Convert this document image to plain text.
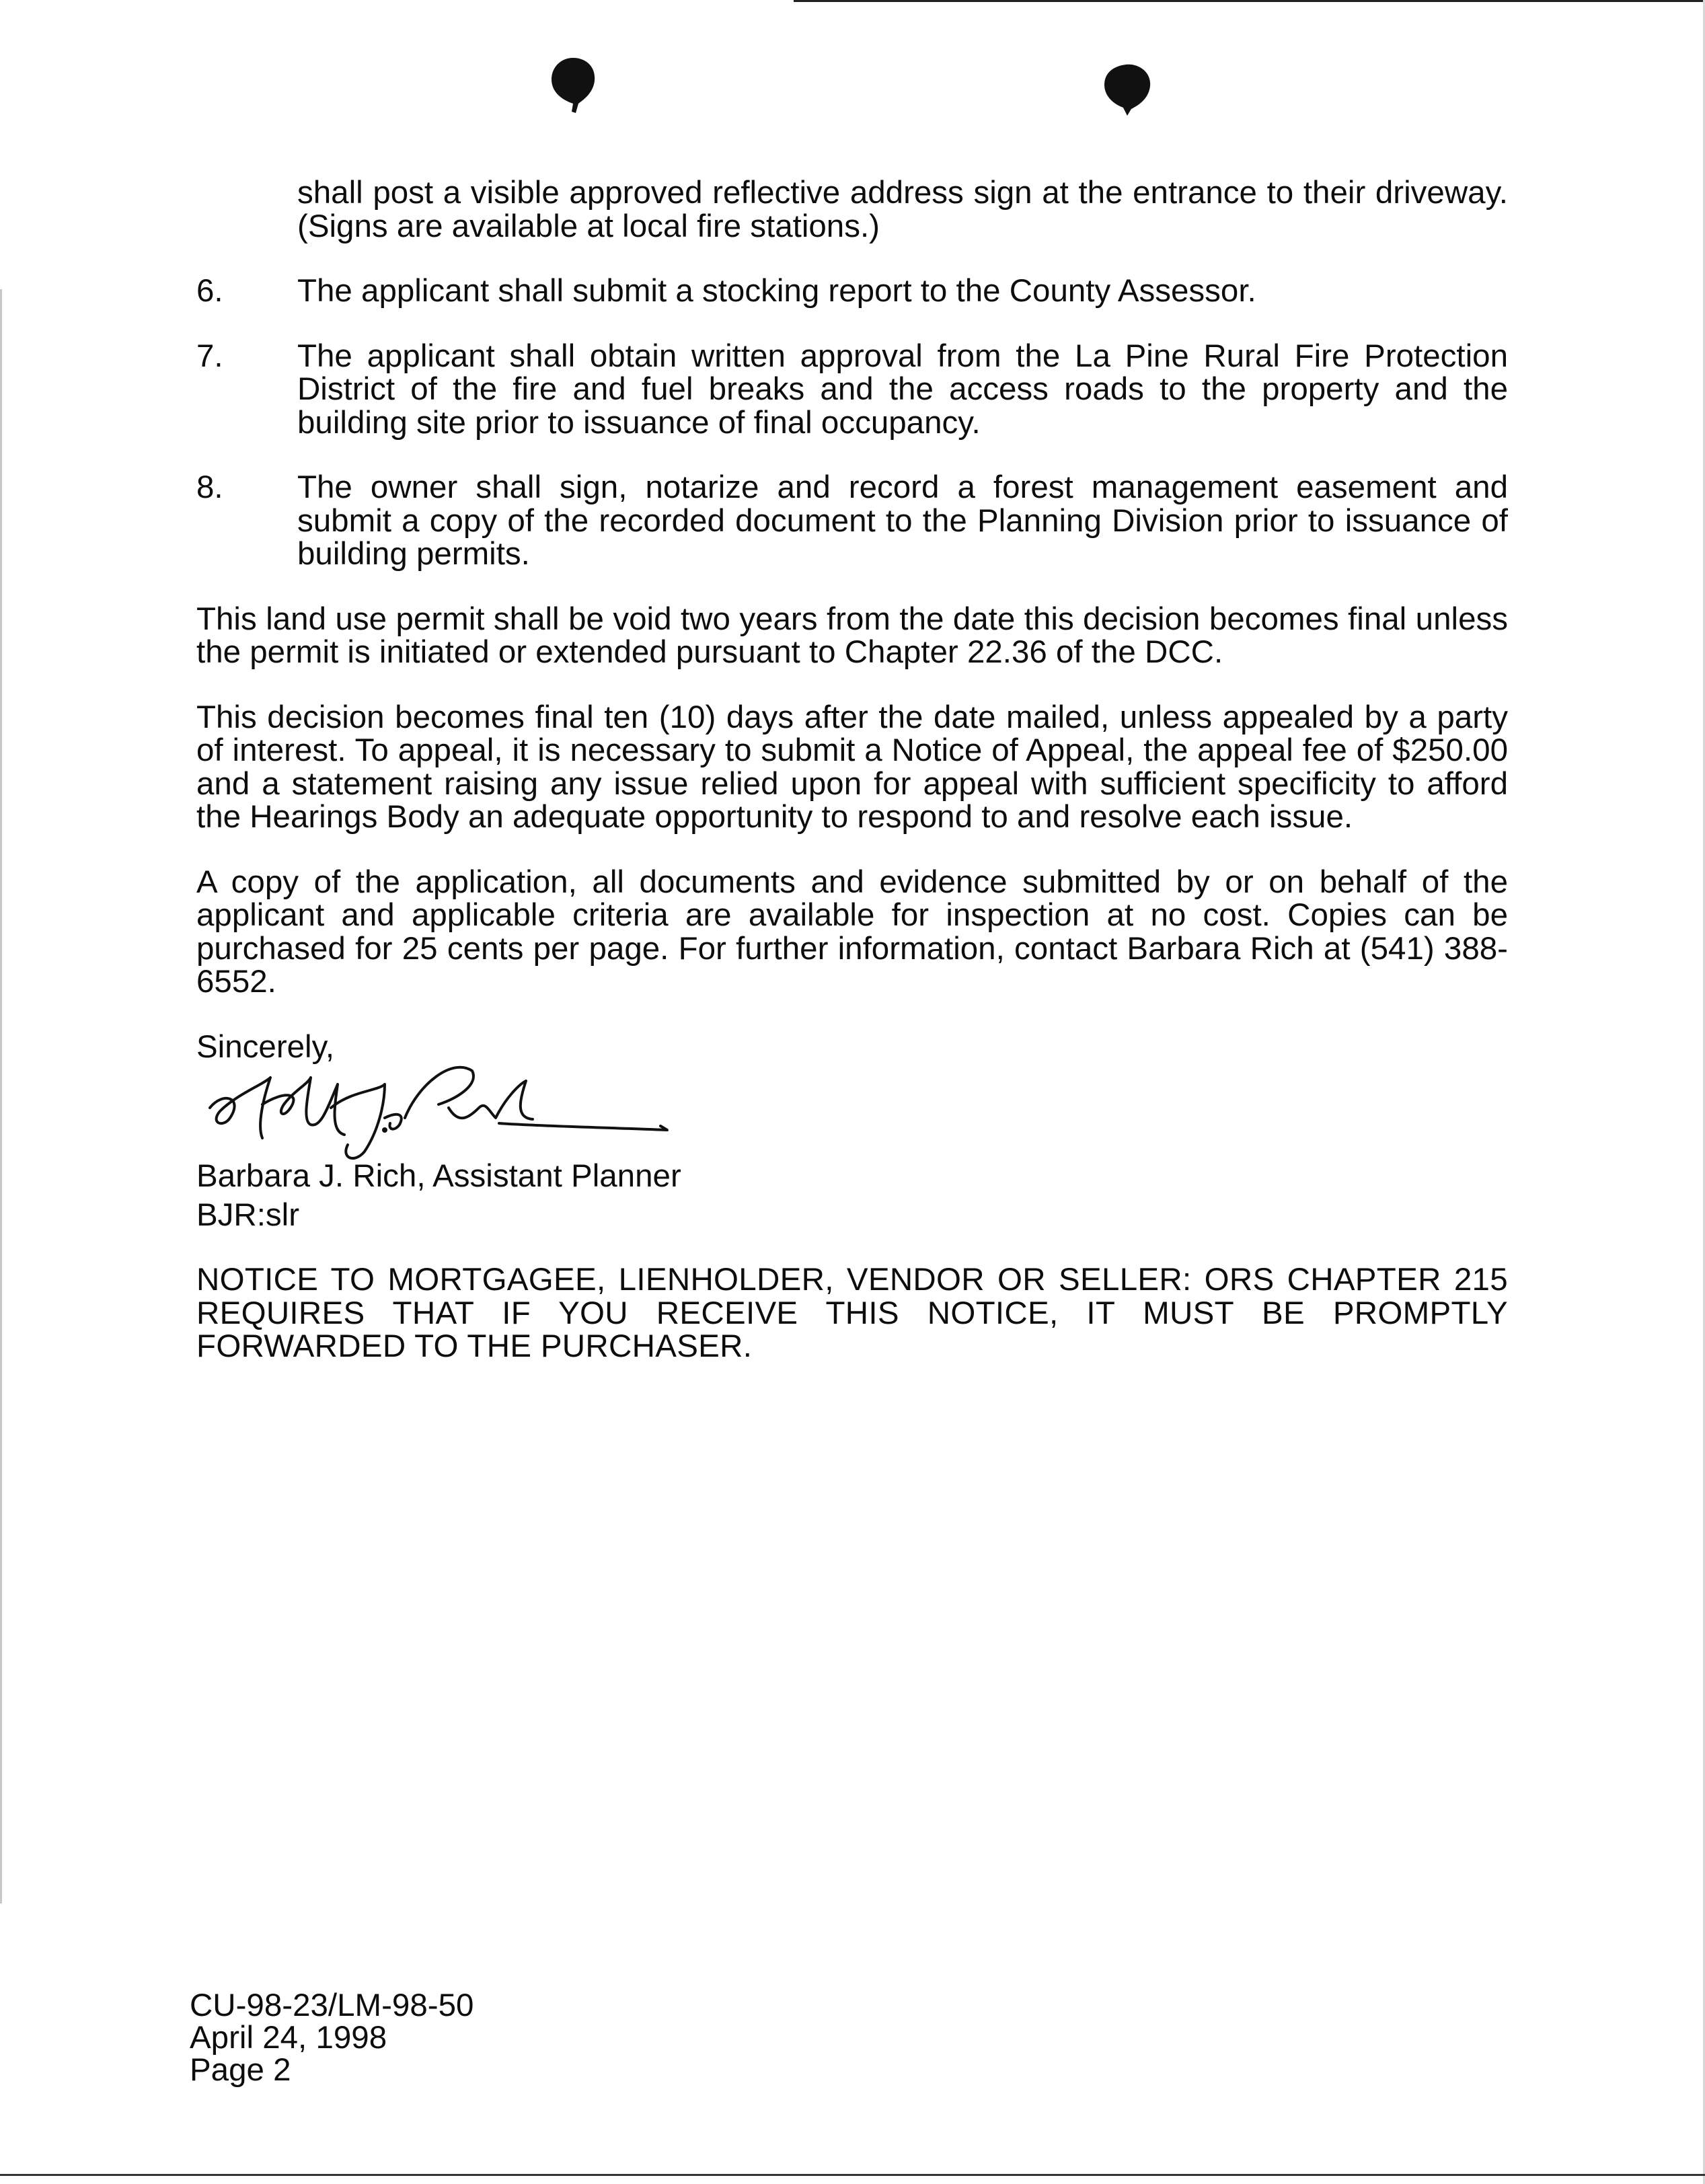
shall post a visible approved reflective address sign at the entrance to their driveway. (Signs are available at local fire stations.)

6.	The applicant shall submit a stocking report to the County Assessor.
7.	The applicant shall obtain written approval from the La Pine Rural Fire Protection District of the fire and fuel breaks and the access roads to the property and the building site prior to issuance of final occupancy.
8.	The owner shall sign, notarize and record a forest management easement and submit a copy of the recorded document to the Planning Division prior to issuance of building permits.

This land use permit shall be void two years from the date this decision becomes final unless the permit is initiated or extended pursuant to Chapter 22.36 of the DCC.

This decision becomes final ten (10) days after the date mailed, unless appealed by a party of interest. To appeal, it is necessary to submit a Notice of Appeal, the appeal fee of $250.00 and a statement raising any issue relied upon for appeal with sufficient specificity to afford the Hearings Body an adequate opportunity to respond to and resolve each issue.

A copy of the application, all documents and evidence submitted by or on behalf of the applicant and applicable criteria are available for inspection at no cost. Copies can be purchased for 25 cents per page. For further information, contact Barbara Rich at (541) 388-6552.

Sincerely,
Barbara J. Rich, Assistant Planner

BJR:slr

NOTICE TO MORTGAGEE, LIENHOLDER, VENDOR OR SELLER: ORS CHAPTER 215 REQUIRES THAT IF YOU RECEIVE THIS NOTICE, IT MUST BE PROMPTLY FORWARDED TO THE PURCHASER.

CU-98-23/LM-98-50
April 24, 1998
Page 2
